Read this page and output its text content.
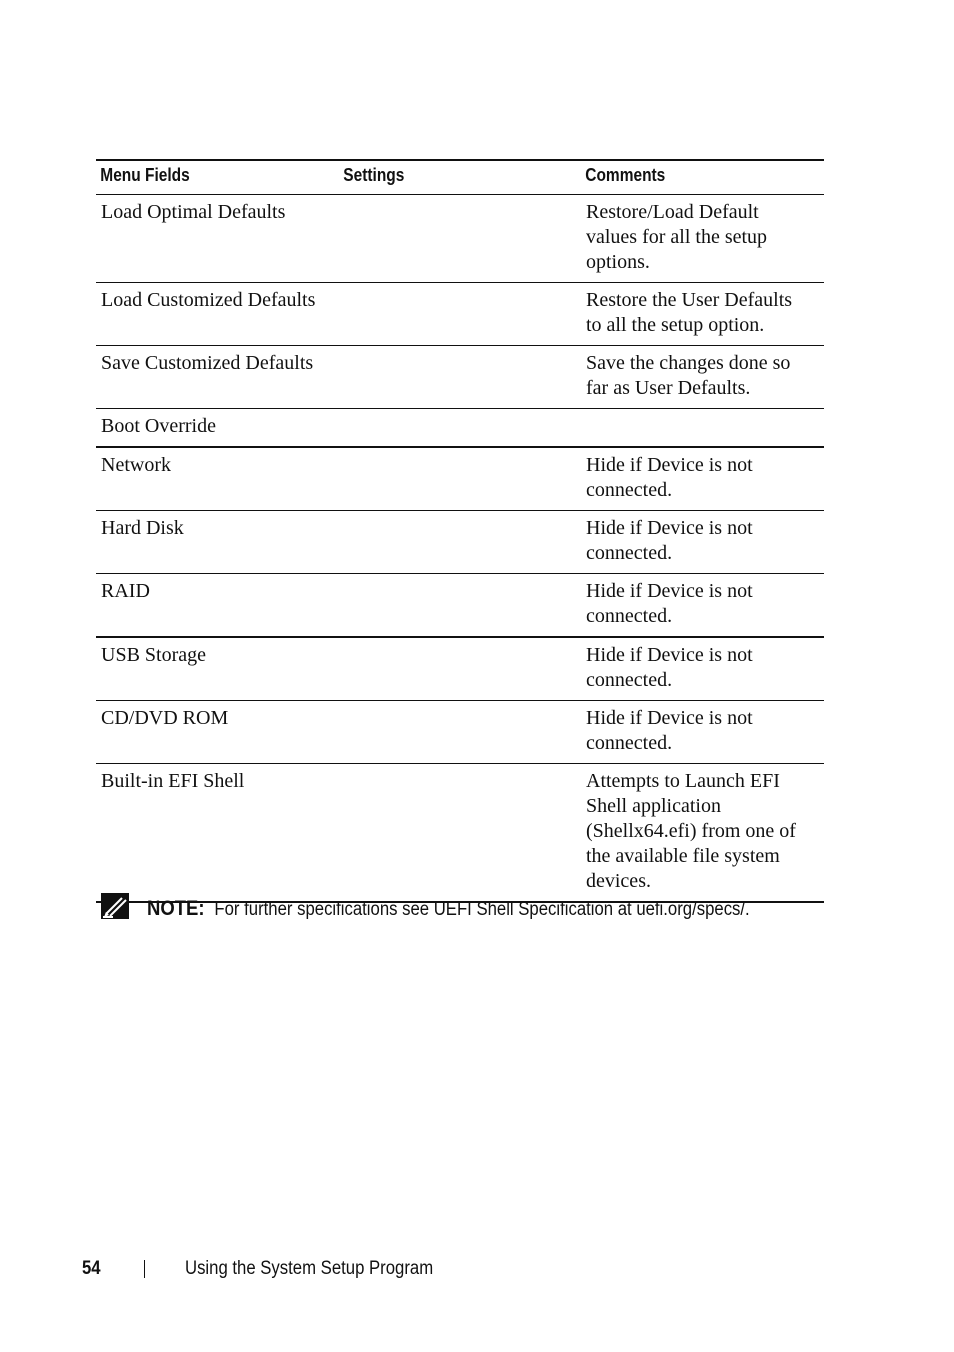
Menu Fields	Settings	Comments
Load Optimal Defaults		Restore/Load Default values for all the setup options.
Load Customized Defaults		Restore the User Defaults to all the setup option.
Save Customized Defaults		Save the changes done so far as User Defaults.
Boot Override		
Network		Hide if Device is not connected.
Hard Disk		Hide if Device is not connected.
RAID		Hide if Device is not connected.
USB Storage		Hide if Device is not connected.
CD/DVD ROM		Hide if Device is not connected.
Built-in EFI Shell		Attempts to Launch EFI Shell application (Shellx64.efi) from one of the available file system devices.
NOTE: For further specifications see UEFI Shell Specification at uefi.org/specs/.
54	Using the System Setup Program
